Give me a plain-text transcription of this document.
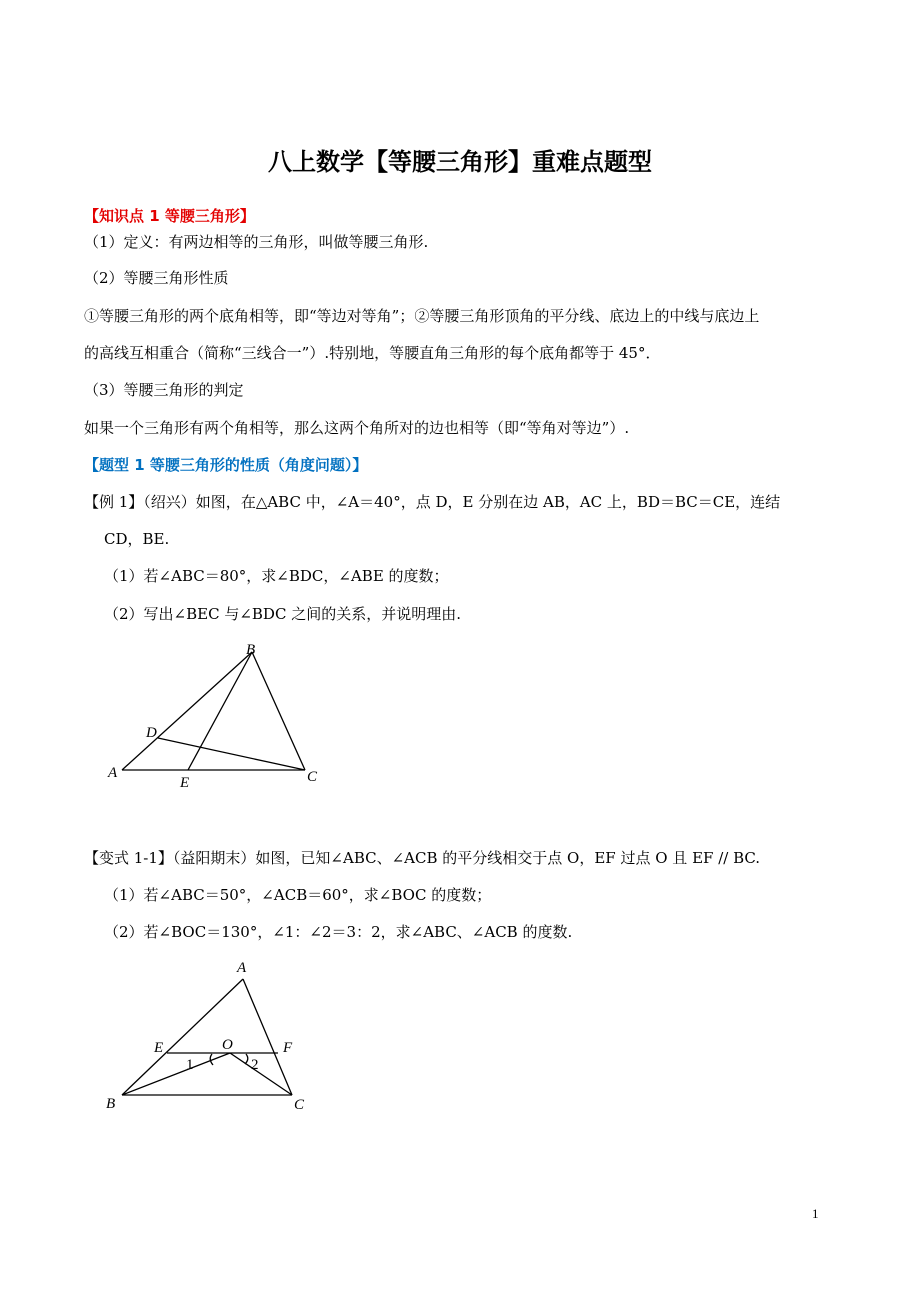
八上数学【等腰三角形】重难点题型
【知识点 1 等腰三角形】
（1）定义：有两边相等的三角形，叫做等腰三角形.
（2）等腰三角形性质
①等腰三角形的两个底角相等，即“等边对等角”；②等腰三角形顶角的平分线、底边上的中线与底边上
的高线互相重合（简称“三线合一”）.特别地，等腰直角三角形的每个底角都等于 45°．
（3）等腰三角形的判定
如果一个三角形有两个角相等，那么这两个角所对的边也相等（即“等角对等边”）.
【题型 1 等腰三角形的性质（角度问题）】
【例 1】（绍兴）如图，在△ABC 中，∠A＝40°，点 D，E 分别在边 AB，AC 上，BD＝BC＝CE，连结
CD，BE.
（1）若∠ABC＝80°，求∠BDC，∠ABE 的度数；
（2）写出∠BEC 与∠BDC 之间的关系，并说明理由.
B
D
A
E	C
【变式 1-1】（益阳期末）如图，已知∠ABC、∠ACB 的平分线相交于点 O，EF 过点 O 且 EF // BC.
（1）若∠ABC＝50°，∠ACB＝60°，求∠BOC 的度数；
（2）若∠BOC＝130°，∠1：∠2＝3：2，求∠ABC、∠ACB 的度数.
A
E	O	F
1	2
B	C
1
